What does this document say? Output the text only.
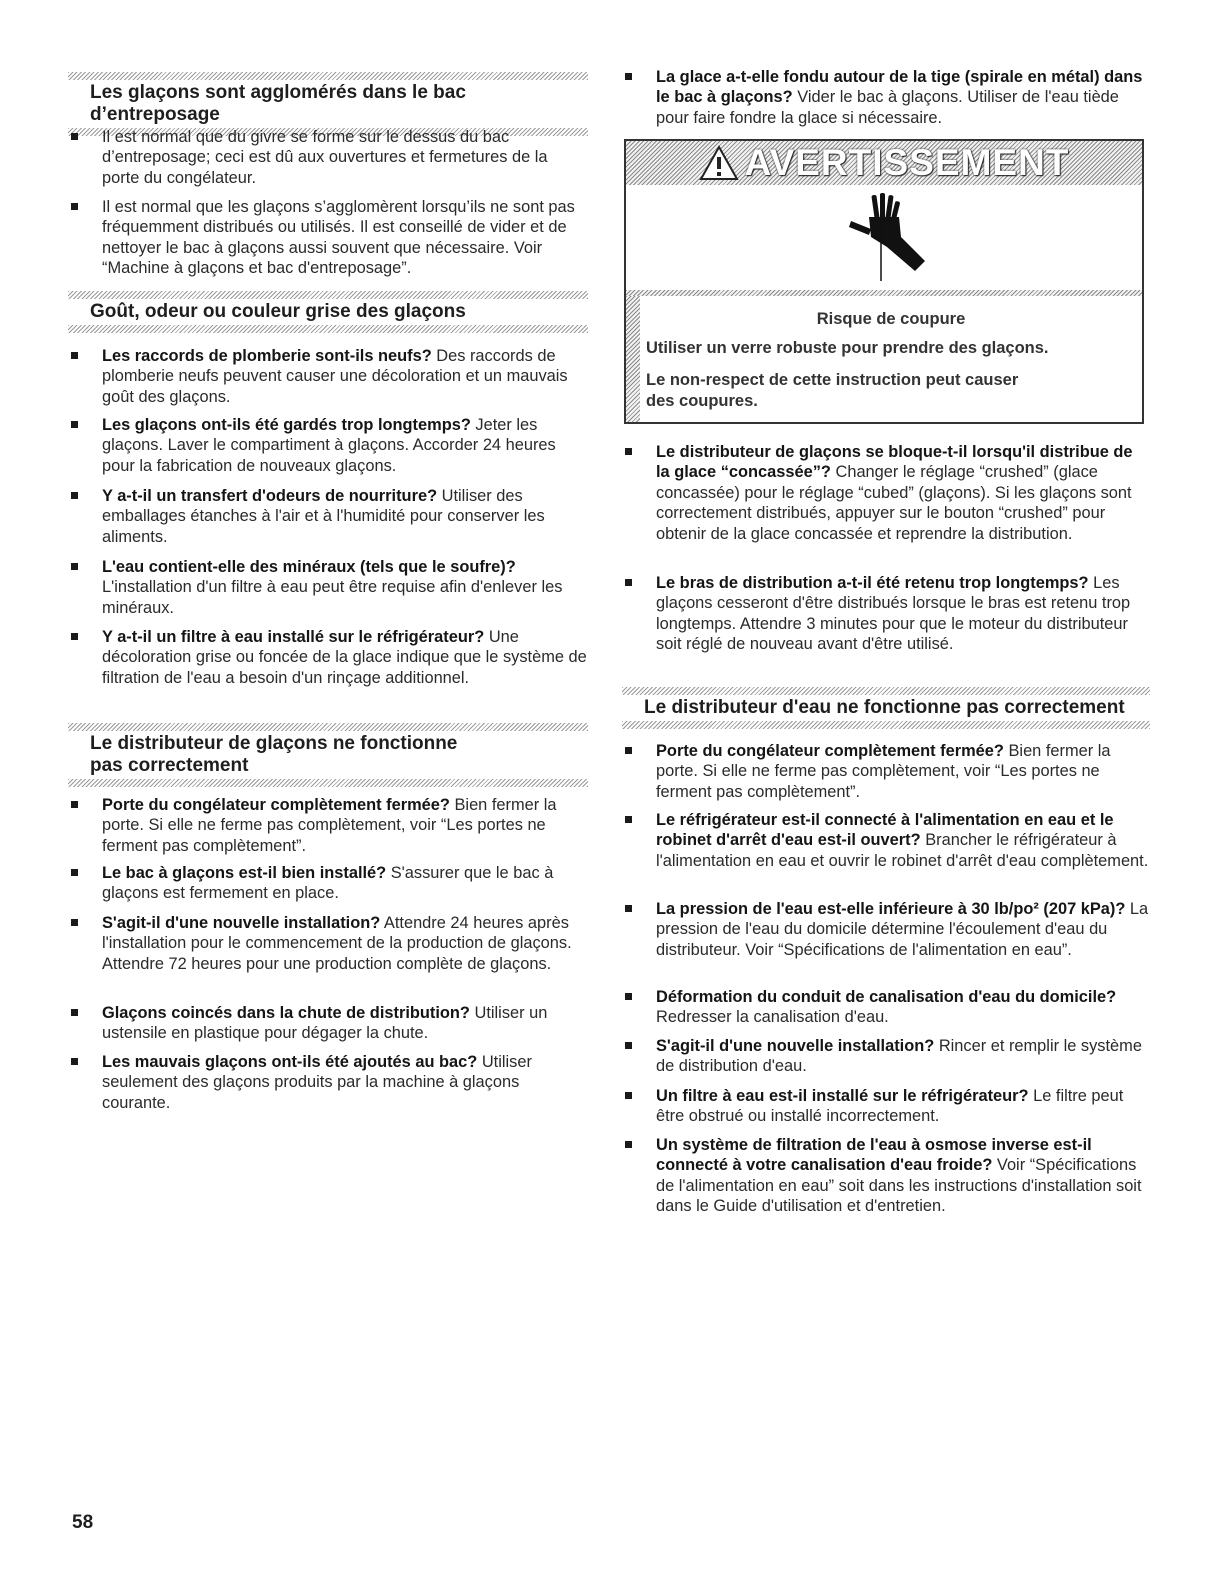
Les glaçons sont agglomérés dans le bac d’entreposage
Il est normal que du givre se forme sur le dessus du bac d’entreposage; ceci est dû aux ouvertures et fermetures de la porte du congélateur.
Il est normal que les glaçons s’agglomèrent lorsqu’ils ne sont pas fréquemment distribués ou utilisés. Il est conseillé de vider et de nettoyer le bac à glaçons aussi souvent que nécessaire. Voir “Machine à glaçons et bac d'entreposage”.
Goût, odeur ou couleur grise des glaçons
Les raccords de plomberie sont-ils neufs? Des raccords de plomberie neufs peuvent causer une décoloration et un mauvais goût des glaçons.
Les glaçons ont-ils été gardés trop longtemps? Jeter les glaçons. Laver le compartiment à glaçons. Accorder 24 heures pour la fabrication de nouveaux glaçons.
Y a-t-il un transfert d'odeurs de nourriture? Utiliser des emballages étanches à l'air et à l'humidité pour conserver les aliments.
L'eau contient-elle des minéraux (tels que le soufre)? L'installation d'un filtre à eau peut être requise afin d'enlever les minéraux.
Y a-t-il un filtre à eau installé sur le réfrigérateur? Une décoloration grise ou foncée de la glace indique que le système de filtration de l'eau a besoin d'un rinçage additionnel.
Le distributeur de glaçons ne fonctionne pas correctement
Porte du congélateur complètement fermée? Bien fermer la porte. Si elle ne ferme pas complètement, voir “Les portes ne ferment pas complètement”.
Le bac à glaçons est-il bien installé? S'assurer que le bac à glaçons est fermement en place.
S'agit-il d'une nouvelle installation? Attendre 24 heures après l'installation pour le commencement de la production de glaçons. Attendre 72 heures pour une production complète de glaçons.
Glaçons coincés dans la chute de distribution? Utiliser un ustensile en plastique pour dégager la chute.
Les mauvais glaçons ont-ils été ajoutés au bac? Utiliser seulement des glaçons produits par la machine à glaçons courante.
La glace a-t-elle fondu autour de la tige (spirale en métal) dans le bac à glaçons? Vider le bac à glaçons. Utiliser de l'eau tiède pour faire fondre la glace si nécessaire.
AVERTISSEMENT
Risque de coupure
Utiliser un verre robuste pour prendre des glaçons.
Le non-respect de cette instruction peut causer
des coupures.
Le distributeur de glaçons se bloque-t-il lorsqu'il distribue de la glace “concassée”? Changer le réglage “crushed” (glace concassée) pour le réglage “cubed” (glaçons). Si les glaçons sont correctement distribués, appuyer sur le bouton “crushed” pour obtenir de la glace concassée et reprendre la distribution.
Le bras de distribution a-t-il été retenu trop longtemps? Les glaçons cesseront d'être distribués lorsque le bras est retenu trop longtemps. Attendre 3 minutes pour que le moteur du distributeur soit réglé de nouveau avant d'être utilisé.
Le distributeur d'eau ne fonctionne pas correctement
Porte du congélateur complètement fermée? Bien fermer la porte. Si elle ne ferme pas complètement, voir “Les portes ne ferment pas complètement”.
Le réfrigérateur est-il connecté à l'alimentation en eau et le robinet d'arrêt d'eau est-il ouvert? Brancher le réfrigérateur à l'alimentation en eau et ouvrir le robinet d'arrêt d'eau complètement.
La pression de l'eau est-elle inférieure à 30 lb/po² (207 kPa)? La pression de l'eau du domicile détermine l'écoulement d'eau du distributeur. Voir “Spécifications de l'alimentation en eau”.
Déformation du conduit de canalisation d'eau du domicile? Redresser la canalisation d'eau.
S'agit-il d'une nouvelle installation? Rincer et remplir le système de distribution d'eau.
Un filtre à eau est-il installé sur le réfrigérateur? Le filtre peut être obstrué ou installé incorrectement.
Un système de filtration de l'eau à osmose inverse est-il connecté à votre canalisation d'eau froide? Voir “Spécifications de l'alimentation en eau” soit dans les instructions d'installation soit dans le Guide d'utilisation et d'entretien.
58
